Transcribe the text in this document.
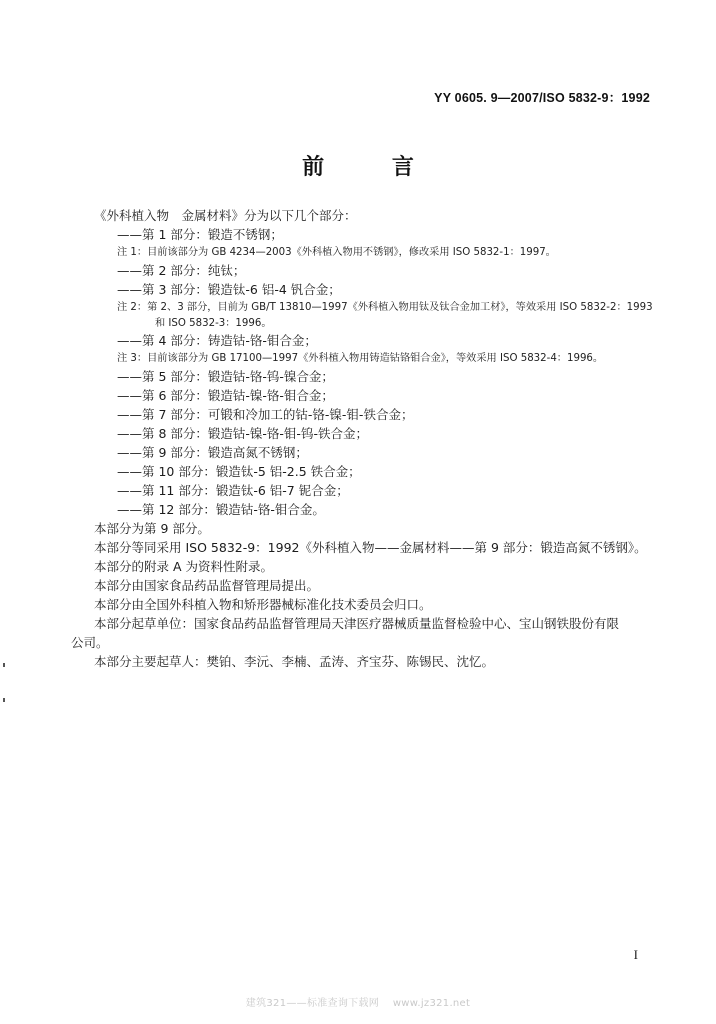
YY 0605. 9—2007/ISO 5832-9：1992
前 言
《外科植入物　金属材料》分为以下几个部分：
——第 1 部分：锻造不锈钢；
注 1：目前该部分为 GB 4234—2003《外科植入物用不锈钢》，修改采用 ISO 5832-1：1997。
——第 2 部分：纯钛；
——第 3 部分：锻造钛-6 铝-4 钒合金；
注 2：第 2、3 部分，目前为 GB/T 13810—1997《外科植入物用钛及钛合金加工材》，等效采用 ISO 5832-2：1993
和 ISO 5832-3：1996。
——第 4 部分：铸造钴-铬-钼合金；
注 3：目前该部分为 GB 17100—1997《外科植入物用铸造钴铬钼合金》，等效采用 ISO 5832-4：1996。
——第 5 部分：锻造钴-铬-钨-镍合金；
——第 6 部分：锻造钴-镍-铬-钼合金；
——第 7 部分：可锻和冷加工的钴-铬-镍-钼-铁合金；
——第 8 部分：锻造钴-镍-铬-钼-钨-铁合金；
——第 9 部分：锻造高氮不锈钢；
——第 10 部分：锻造钛-5 铝-2.5 铁合金；
——第 11 部分：锻造钛-6 铝-7 铌合金；
——第 12 部分：锻造钴-铬-钼合金。
本部分为第 9 部分。
本部分等同采用 ISO 5832-9：1992《外科植入物——金属材料——第 9 部分：锻造高氮不锈钢》。
本部分的附录 A 为资料性附录。
本部分由国家食品药品监督管理局提出。
本部分由全国外科植入物和矫形器械标准化技术委员会归口。
本部分起草单位：国家食品药品监督管理局天津医疗器械质量监督检验中心、宝山钢铁股份有限
公司。
本部分主要起草人：樊铂、李沅、李楠、孟涛、齐宝芬、陈锡民、沈忆。
I
建筑321——标准查询下载网　 www.jz321.net
